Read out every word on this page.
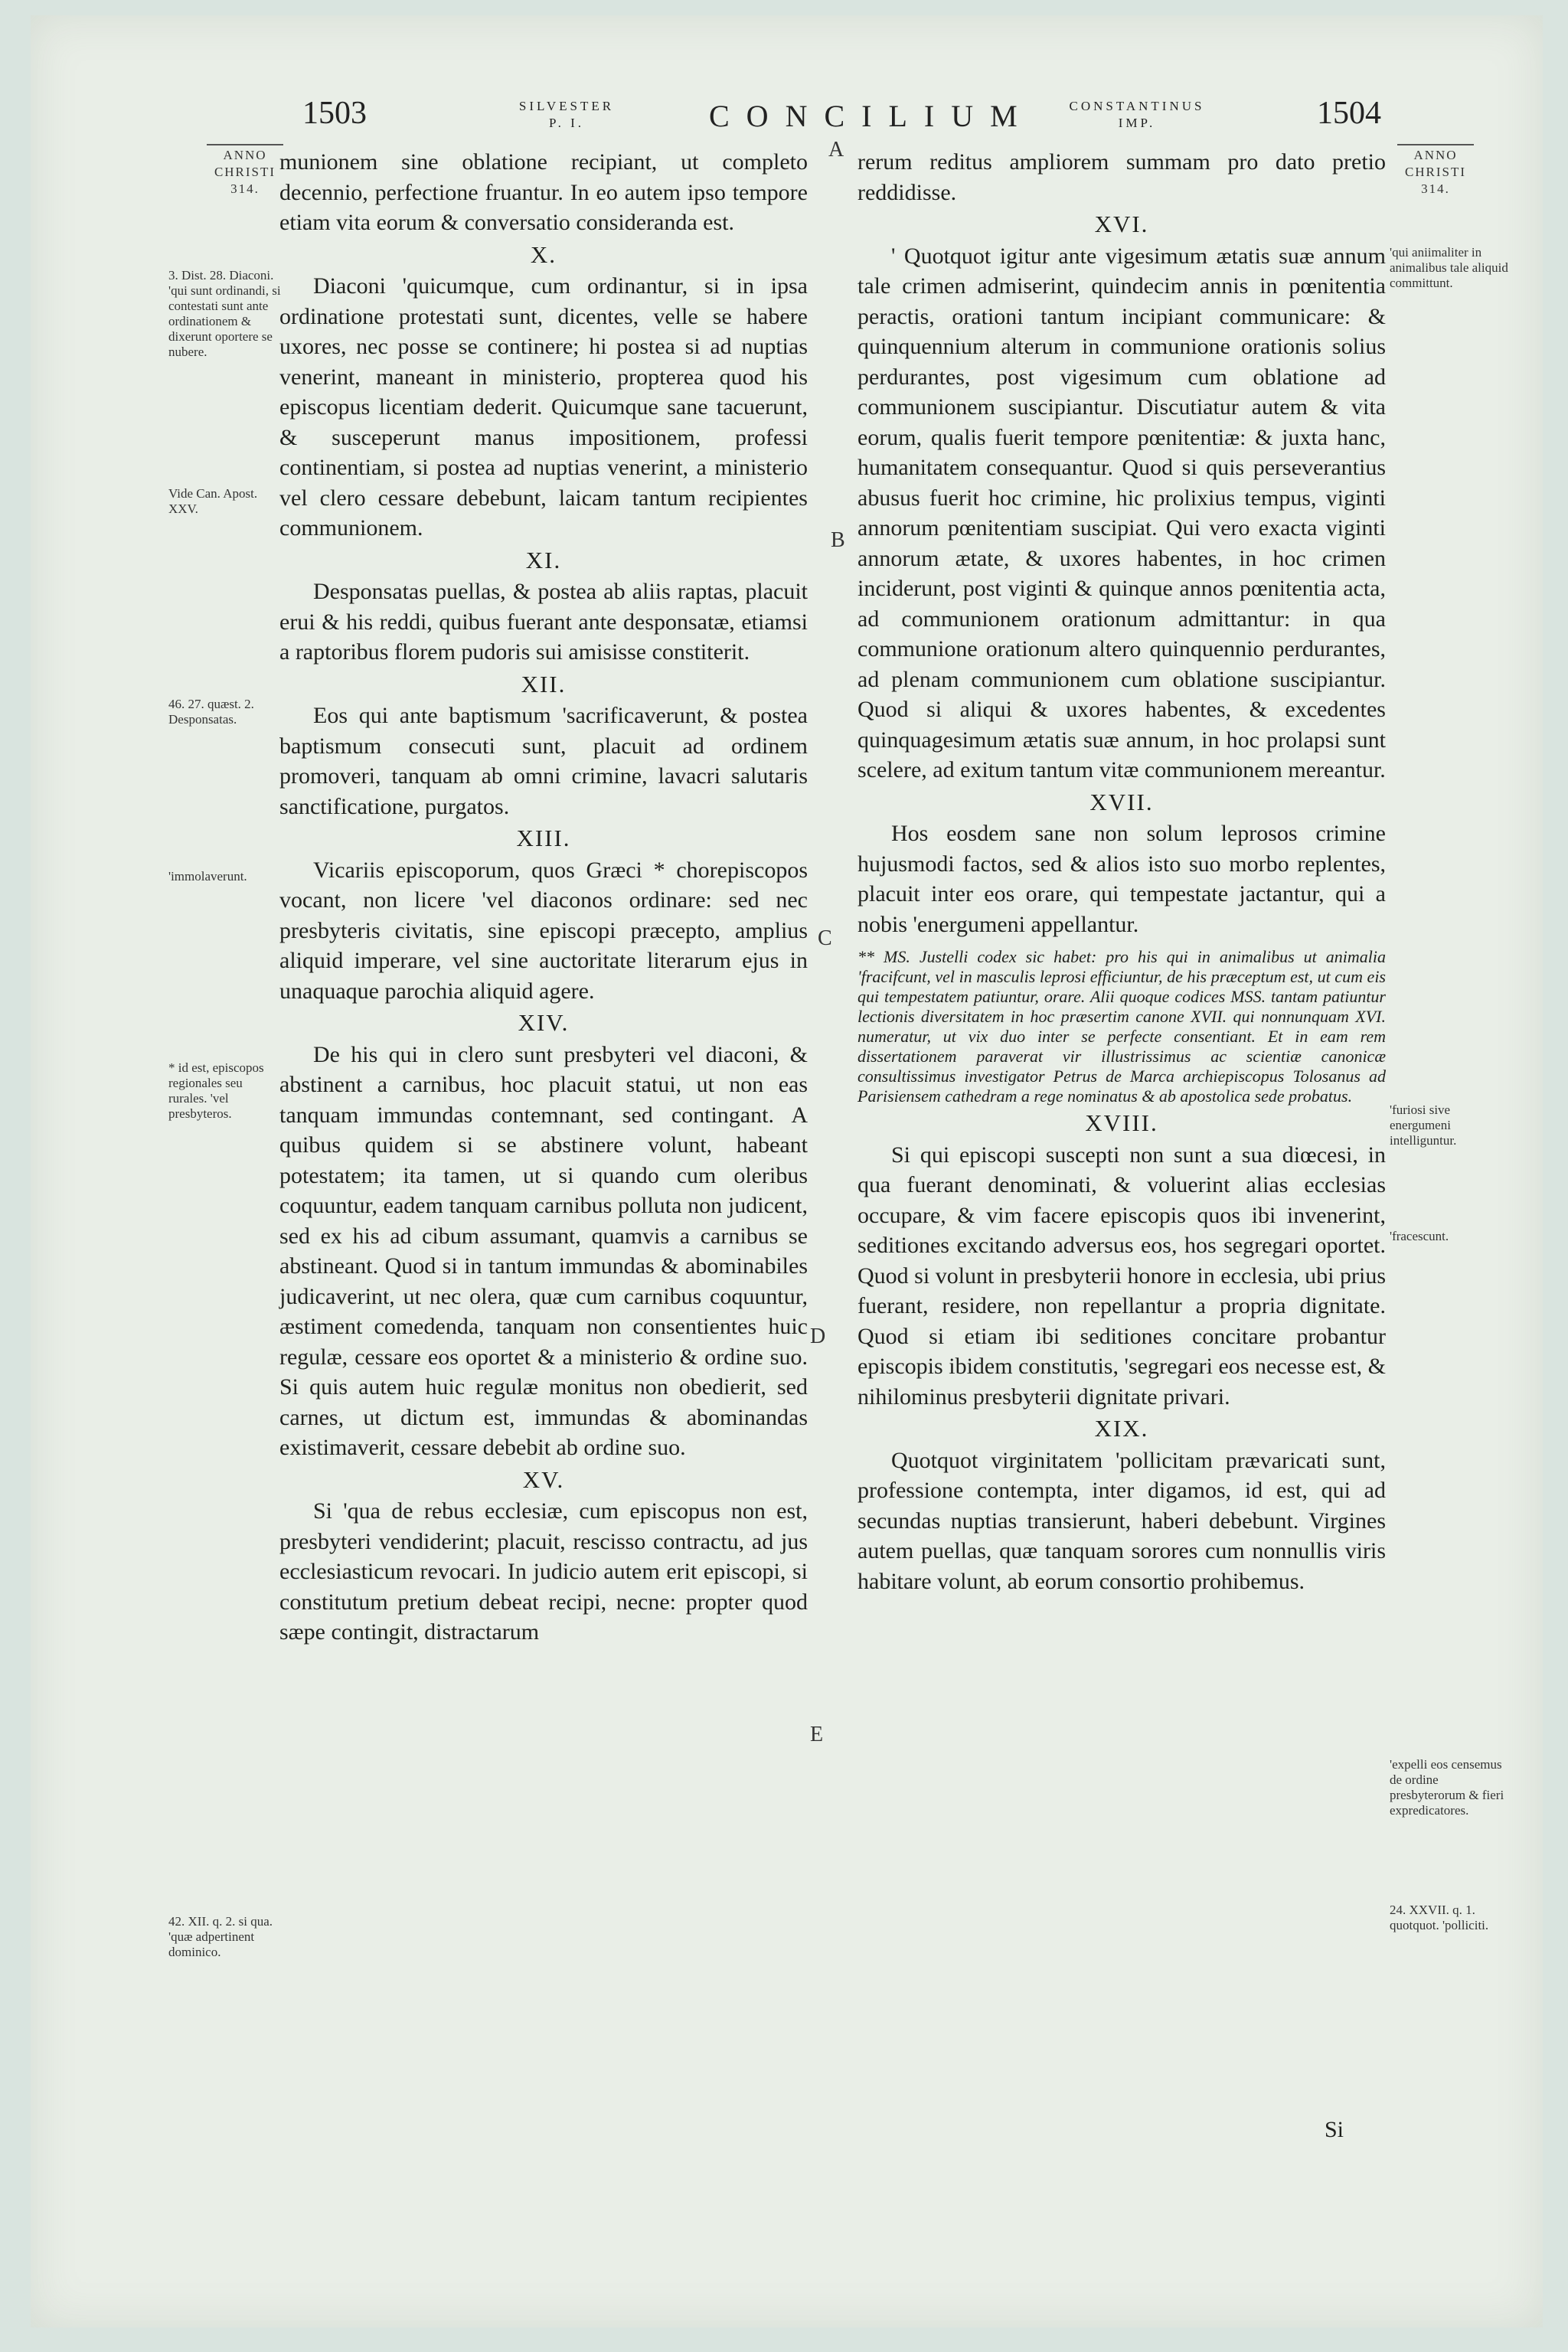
1503	SILVESTER
P. I.	CONCILIUM	CONSTANTINUS
IMP.	1504
ANNO
CHRISTI
314.
ANNO
CHRISTI
314.
3. Dist. 28. Diaconi. 'qui sunt ordinandi, si contestati sunt ante ordinationem & dixerunt oportere se nubere.
Vide Can. Apost. XXV.
46. 27. quæst. 2. Desponsatas.
'immolaverunt.
* id est, episcopos regionales seu rurales. 'vel presbyteros.
42. XII. q. 2. si qua. 'quæ adpertinent dominico.
'qui aniimaliter in animalibus tale aliquid committunt.
'furiosi sive energumeni intelliguntur.
'fracescunt.
'expelli eos censemus de ordine presbyterorum & fieri expredicatores.
24. XXVII. q. 1. quotquot. 'polliciti.
A
B
C
D
E

munionem sine oblatione recipiant, ut completo decennio, perfectione fruantur. In eo autem ipso tempore etiam vita eorum & conversatio consideranda est.

X.

Diaconi 'quicumque, cum ordinantur, si in ipsa ordinatione protestati sunt, dicentes, velle se habere uxores, nec posse se continere; hi postea si ad nuptias venerint, maneant in ministerio, propterea quod his episcopus licentiam dederit. Quicumque sane tacuerunt, & susceperunt manus impositionem, professi continentiam, si postea ad nuptias venerint, a ministerio vel clero cessare debebunt, laicam tantum recipientes communionem.

XI.

Desponsatas puellas, & postea ab aliis raptas, placuit erui & his reddi, quibus fuerant ante desponsatæ, etiamsi a raptoribus florem pudoris sui amisisse constiterit.

XII.

Eos qui ante baptismum 'sacrificaverunt, & postea baptismum consecuti sunt, placuit ad ordinem promoveri, tanquam ab omni crimine, lavacri salutaris sanctificatione, purgatos.

XIII.

Vicariis episcoporum, quos Græci * chorepiscopos vocant, non licere 'vel diaconos ordinare: sed nec presbyteris civitatis, sine episcopi præcepto, amplius aliquid imperare, vel sine auctoritate literarum ejus in unaquaque parochia aliquid agere.

XIV.

De his qui in clero sunt presbyteri vel diaconi, & abstinent a carnibus, hoc placuit statui, ut non eas tanquam immundas contemnant, sed contingant. A quibus quidem si se abstinere volunt, habeant potestatem; ita tamen, ut si quando cum oleribus coquuntur, eadem tanquam carnibus polluta non judicent, sed ex his ad cibum assumant, quamvis a carnibus se abstineant. Quod si in tantum immundas & abominabiles judicaverint, ut nec olera, quæ cum carnibus coquuntur, æstiment comedenda, tanquam non consentientes huic regulæ, cessare eos oportet & a ministerio & ordine suo. Si quis autem huic regulæ monitus non obedierit, sed carnes, ut dictum est, immundas & abominandas existimaverit, cessare debebit ab ordine suo.

XV.

Si 'qua de rebus ecclesiæ, cum episcopus non est, presbyteri vendiderint; placuit, rescisso contractu, ad jus ecclesiasticum revocari. In judicio autem erit episcopi, si constitutum pretium debeat recipi, necne: propter quod sæpe contingit, distractarum

rerum reditus ampliorem summam pro dato pretio reddidisse.

XVI.

' Quotquot igitur ante vigesimum ætatis suæ annum tale crimen admiserint, quindecim annis in pœnitentia peractis, orationi tantum incipiant communicare: & quinquennium alterum in communione orationis solius perdurantes, post vigesimum cum oblatione ad communionem suscipiantur. Discutiatur autem & vita eorum, qualis fuerit tempore pœnitentiæ: & juxta hanc, humanitatem consequantur. Quod si quis perseverantius abusus fuerit hoc crimine, hic prolixius tempus, viginti annorum pœnitentiam suscipiat. Qui vero exacta viginti annorum ætate, & uxores habentes, in hoc crimen inciderunt, post viginti & quinque annos pœnitentia acta, ad communionem orationum admittantur: in qua communione orationum altero quinquennio perdurantes, ad plenam communionem cum oblatione suscipiantur. Quod si aliqui & uxores habentes, & excedentes quinquagesimum ætatis suæ annum, in hoc prolapsi sunt scelere, ad exitum tantum vitæ communionem mereantur.

XVII.

Hos eosdem sane non solum leprosos crimine hujusmodi factos, sed & alios isto suo morbo replentes, placuit inter eos orare, qui tempestate jactantur, qui a nobis 'energumeni appellantur.

** MS. Justelli codex sic habet: pro his qui in animalibus ut animalia 'fracifcunt, vel in masculis leprosi efficiuntur, de his præceptum est, ut cum eis qui tempestatem patiuntur, orare. Alii quoque codices MSS. tantam patiuntur lectionis diversitatem in hoc præsertim canone XVII. qui nonnunquam XVI. numeratur, ut vix duo inter se perfecte consentiant. Et in eam rem dissertationem paraverat vir illustrissimus ac scientiæ canonicæ consultissimus investigator Petrus de Marca archiepiscopus Tolosanus ad Parisiensem cathedram a rege nominatus & ab apostolica sede probatus.
XVIII.

Si qui episcopi suscepti non sunt a sua diœcesi, in qua fuerant denominati, & voluerint alias ecclesias occupare, & vim facere episcopis quos ibi invenerint, seditiones excitando adversus eos, hos segregari oportet. Quod si volunt in presbyterii honore in ecclesia, ubi prius fuerant, residere, non repellantur a propria dignitate. Quod si etiam ibi seditiones concitare probantur episcopis ibidem constitutis, 'segregari eos necesse est, & nihilominus presbyterii dignitate privari.

XIX.

Quotquot virginitatem 'pollicitam prævaricati sunt, professione contempta, inter digamos, id est, qui ad secundas nuptias transierunt, haberi debebunt. Virgines autem puellas, quæ tanquam sorores cum nonnullis viris habitare volunt, ab eorum consortio prohibemus.

Si
